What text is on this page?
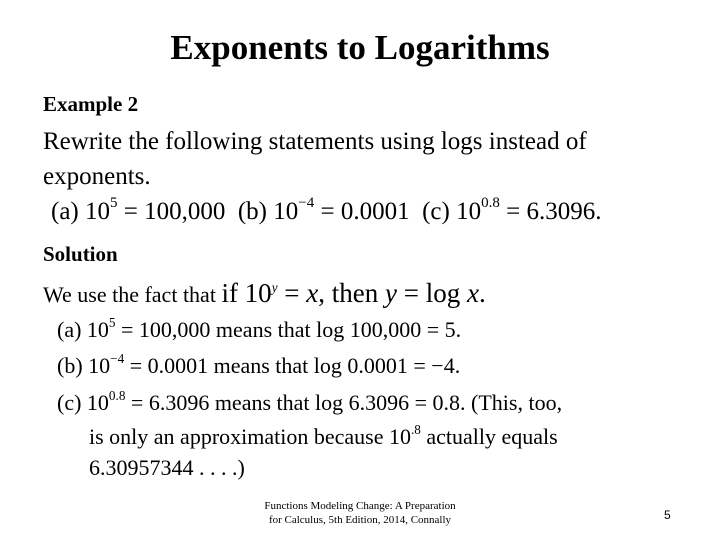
Exponents to Logarithms
Example 2
Rewrite the following statements using logs instead of
exponents.
(a) $10^5 = 100,000$  (b) $10^{-4} = 0.0001$  (c) $10^{0.8} = 6.3096$.
Solution
We use the fact that if $10^y = x$, then y = log x.
(a) $10^5 = 100,000$ means that log 100,000 = 5.
(b) $10^{-4} = 0.0001$ means that log 0.0001 = −4.
(c) $10^{0.8} = 6.3096$ means that log 6.3096 = 0.8. (This, too,
is only an approximation because $10^{.8}$ actually equals
6.30957344 . . . .)
Functions Modeling Change: A Preparation
for Calculus, 5th Edition, 2014, Connally	5
